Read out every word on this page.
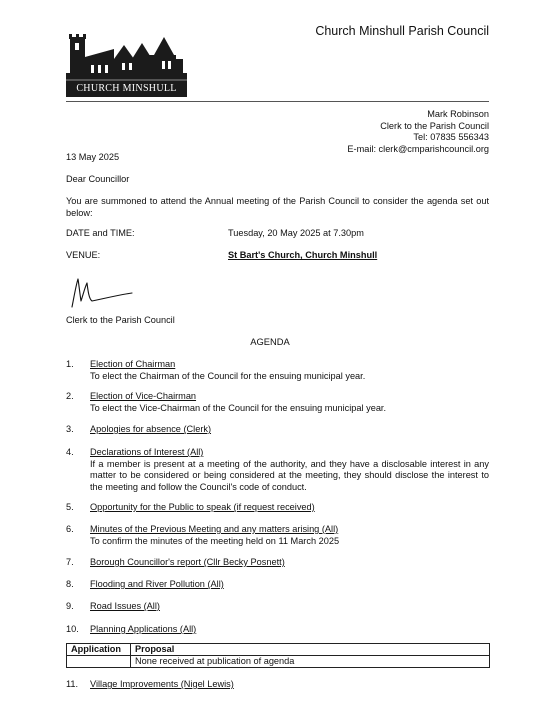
CHURCH MINSHULL
Church Minshull Parish Council
Mark Robinson
Clerk to the Parish Council
Tel: 07835 556343
E-mail: clerk@cmparishcouncil.org
13 May 2025
Dear Councillor
You are summoned to attend the Annual meeting of the Parish Council to consider the agenda set out below:
DATE and TIME:	Tuesday, 20 May 2025 at 7.30pm
VENUE:	St Bart's Church, Church Minshull
Clerk to the Parish Council
AGENDA
1. Election of Chairman
To elect the Chairman of the Council for the ensuing municipal year.
2. Election of Vice-Chairman
To elect the Vice-Chairman of the Council for the ensuing municipal year.
3. Apologies for absence (Clerk)
4. Declarations of Interest (All)
If a member is present at a meeting of the authority, and they have a disclosable interest in any matter to be considered or being considered at the meeting, they should disclose the interest to the meeting and follow the Council's code of conduct.
5. Opportunity for the Public to speak (if request received)
6. Minutes of the Previous Meeting and any matters arising (All)
To confirm the minutes of the meeting held on 11 March 2025
7. Borough Councillor's report (Cllr Becky Posnett)
8. Flooding and River Pollution (All)
9. Road Issues (All)
10. Planning Applications (All)
Application	Proposal
	None received at publication of agenda
11. Village Improvements (Nigel Lewis)
